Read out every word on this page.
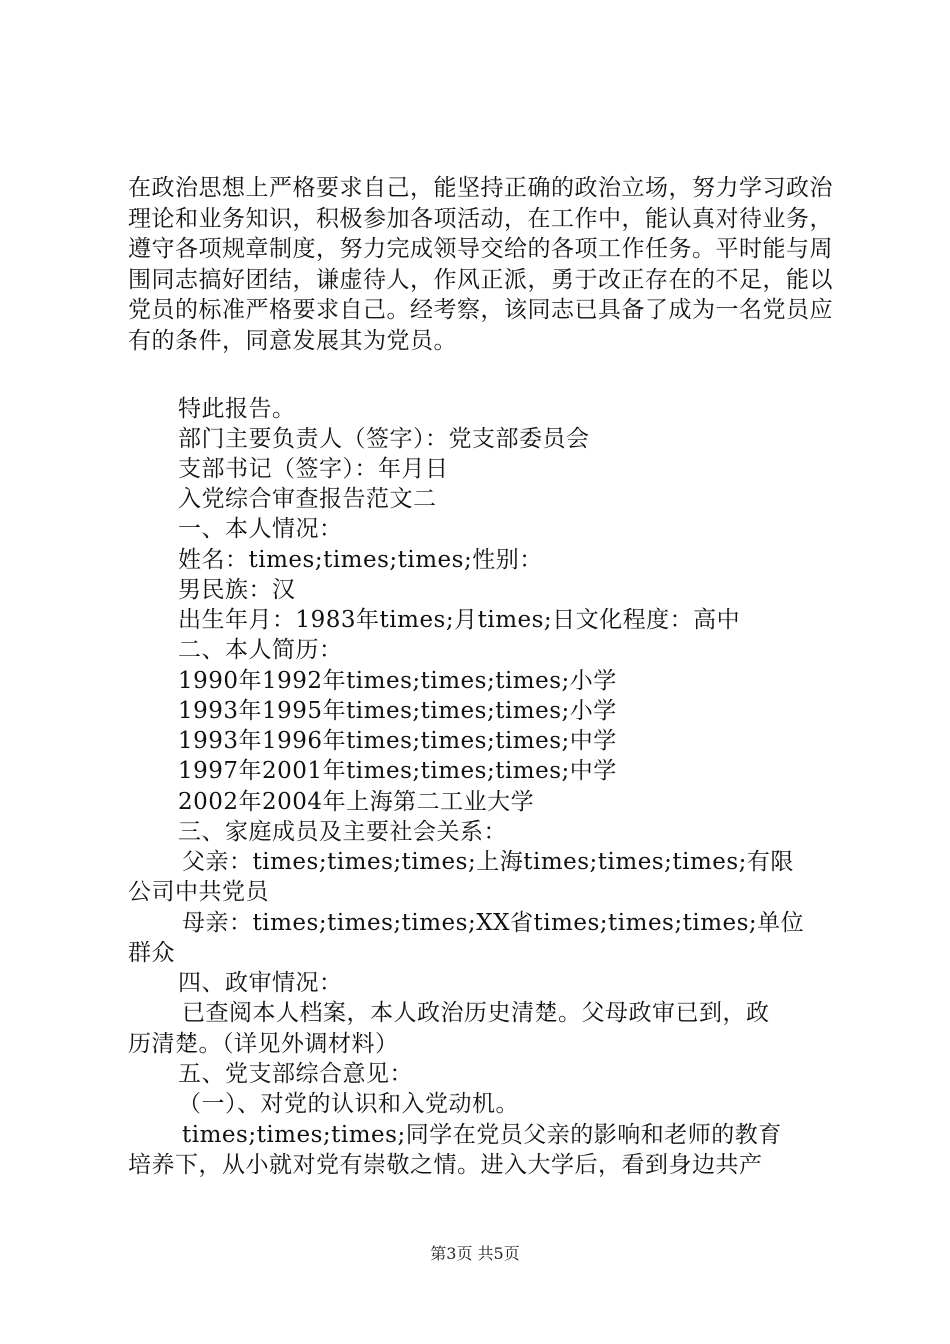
在政治思想上严格要求自己，能坚持正确的政治立场，努力学习政治理论和业务知识，积极参加各项活动，在工作中，能认真对待业务，遵守各项规章制度，努力完成领导交给的各项工作任务。平时能与周围同志搞好团结，谦虚待人，作风正派，勇于改正存在的不足，能以党员的标准严格要求自己。经考察，该同志已具备了成为一名党员应有的条件，同意发展其为党员。
特此报告。
部门主要负责人（签字）：党支部委员会
支部书记（签字）：年月日
入党综合审查报告范文二
一、本人情况：
姓名：times;times;times;性别：
男民族：汉
出生年月：1983年times;月times;日文化程度：高中
二、本人简历：
1990年1992年times;times;times;小学
1993年1995年times;times;times;小学
1993年1996年times;times;times;中学
1997年2001年times;times;times;中学
2002年2004年上海第二工业大学
三、家庭成员及主要社会关系：
父亲：times;times;times;上海times;times;times;有限
公司中共党员
母亲：times;times;times;XX省times;times;times;单位
群众
四、政审情况：
已查阅本人档案，本人政治历史清楚。父母政审已到，政
历清楚。（详见外调材料）
五、党支部综合意见：
（一）、对党的认识和入党动机。
times;times;times;同学在党员父亲的影响和老师的教育
培养下，从小就对党有崇敬之情。进入大学后，看到身边共产
第3页 共5页
